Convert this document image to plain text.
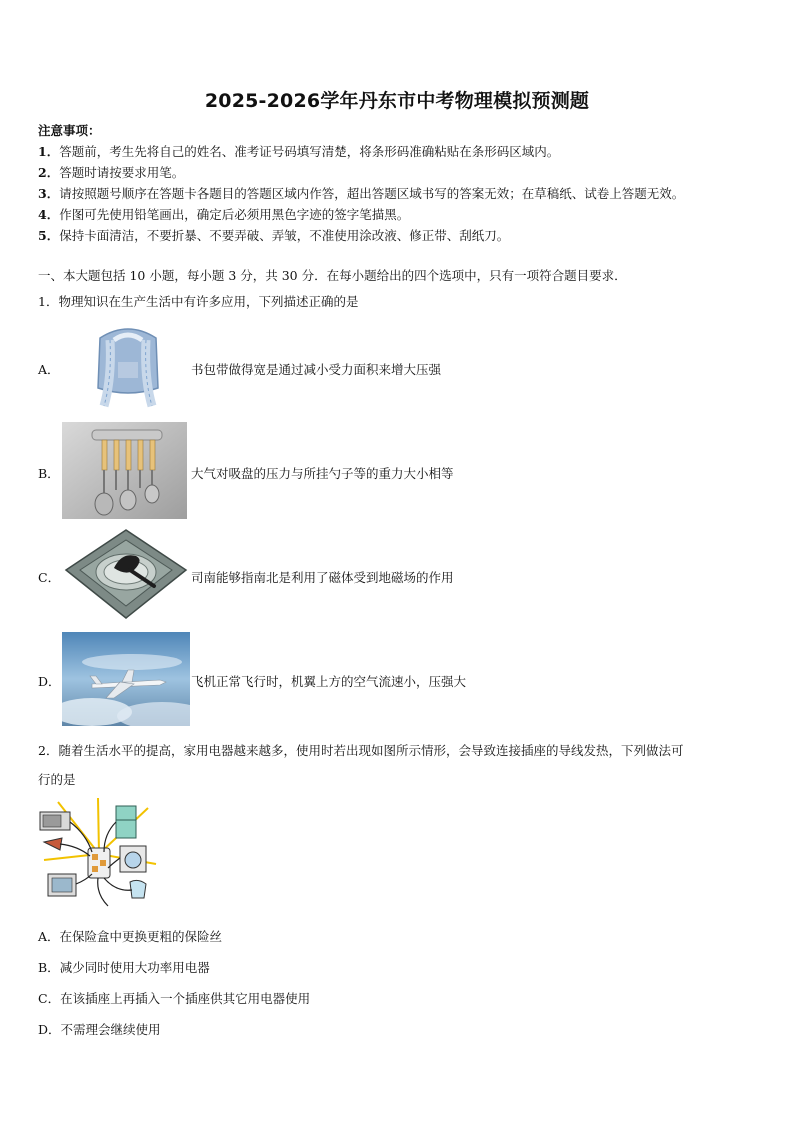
2025-2026学年丹东市中考物理模拟预测题
注意事项：
1．答题前，考生先将自己的姓名、准考证号码填写清楚，将条形码准确粘贴在条形码区域内。
2．答题时请按要求用笔。
3．请按照题号顺序在答题卡各题目的答题区域内作答，超出答题区域书写的答案无效；在草稿纸、试卷上答题无效。
4．作图可先使用铅笔画出，确定后必须用黑色字迹的签字笔描黑。
5．保持卡面清洁，不要折暴、不要弄破、弄皱，不准使用涂改液、修正带、刮纸刀。
一、本大题包括 10 小题，每小题 3 分，共 30 分．在每小题给出的四个选项中，只有一项符合题目要求．
1．物理知识在生产生活中有许多应用，下列描述正确的是
A．	书包带做得宽是通过减小受力面积来增大压强
B．	大气对吸盘的压力与所挂勺子等的重力大小相等
C．	司南能够指南北是利用了磁体受到地磁场的作用
D．	飞机正常飞行时，机翼上方的空气流速小，压强大
2．随着生活水平的提高，家用电器越来越多，使用时若出现如图所示情形，会导致连接插座的导线发热，下列做法可
行的是
A．在保险盒中更换更粗的保险丝
B．减少同时使用大功率用电器
C．在该插座上再插入一个插座供其它用电器使用
D．不需理会继续使用
